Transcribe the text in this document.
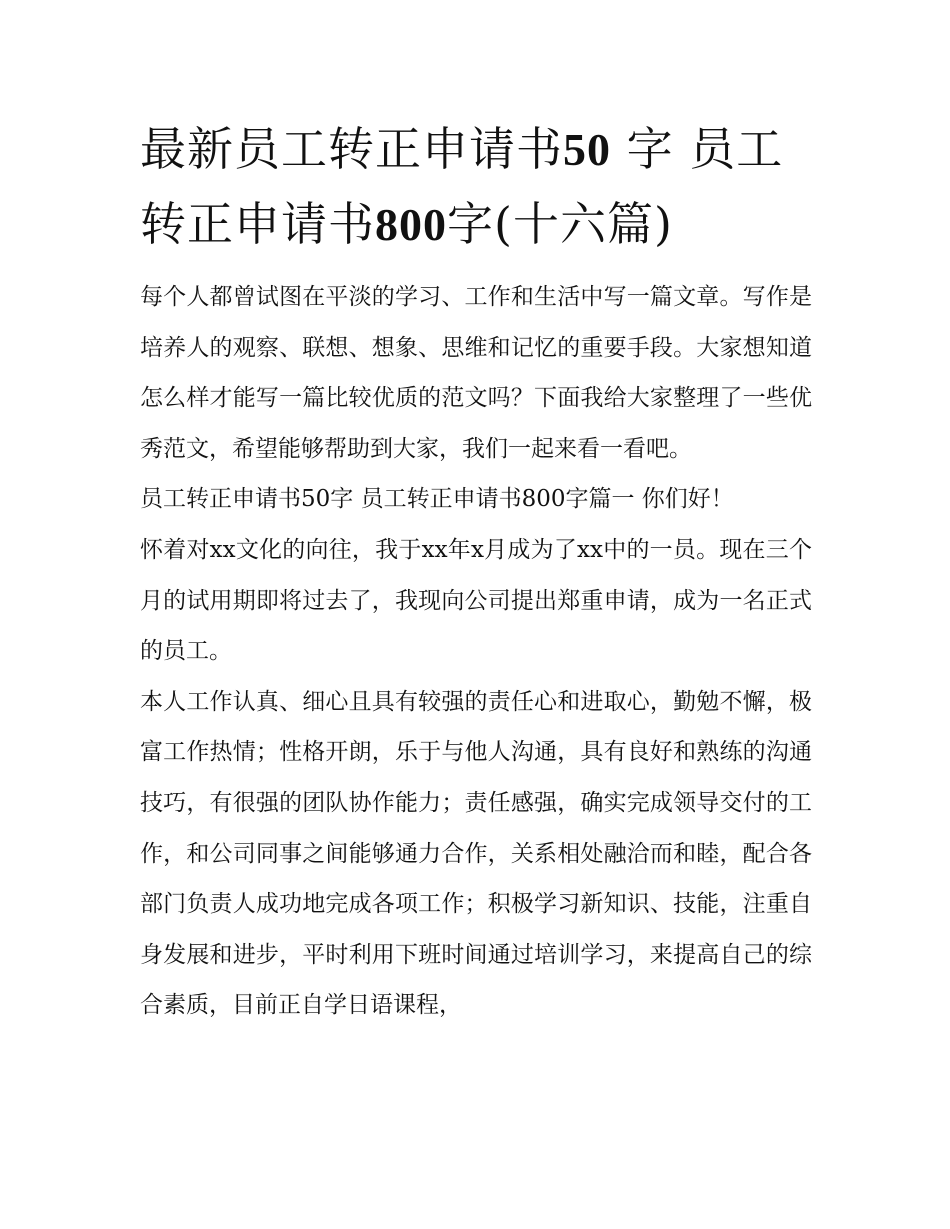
最新员工转正申请书50 字 员工转正申请书800字(十六篇)

每个人都曾试图在平淡的学习、工作和生活中写一篇文章。写作是培养人的观察、联想、想象、思维和记忆的重要手段。大家想知道怎么样才能写一篇比较优质的范文吗？下面我给大家整理了一些优秀范文，希望能够帮助到大家，我们一起来看一看吧。

员工转正申请书50字 员工转正申请书800字篇一 你们好！

怀着对xx文化的向往，我于xx年x月成为了xx中的一员。现在三个月的试用期即将过去了，我现向公司提出郑重申请，成为一名正式的员工。

本人工作认真、细心且具有较强的责任心和进取心，勤勉不懈，极富工作热情；性格开朗，乐于与他人沟通，具有良好和熟练的沟通技巧，有很强的团队协作能力；责任感强，确实完成领导交付的工作，和公司同事之间能够通力合作，关系相处融洽而和睦，配合各部门负责人成功地完成各项工作；积极学习新知识、技能，注重自身发展和进步，平时利用下班时间通过培训学习，来提高自己的综合素质，目前正自学日语课程，
